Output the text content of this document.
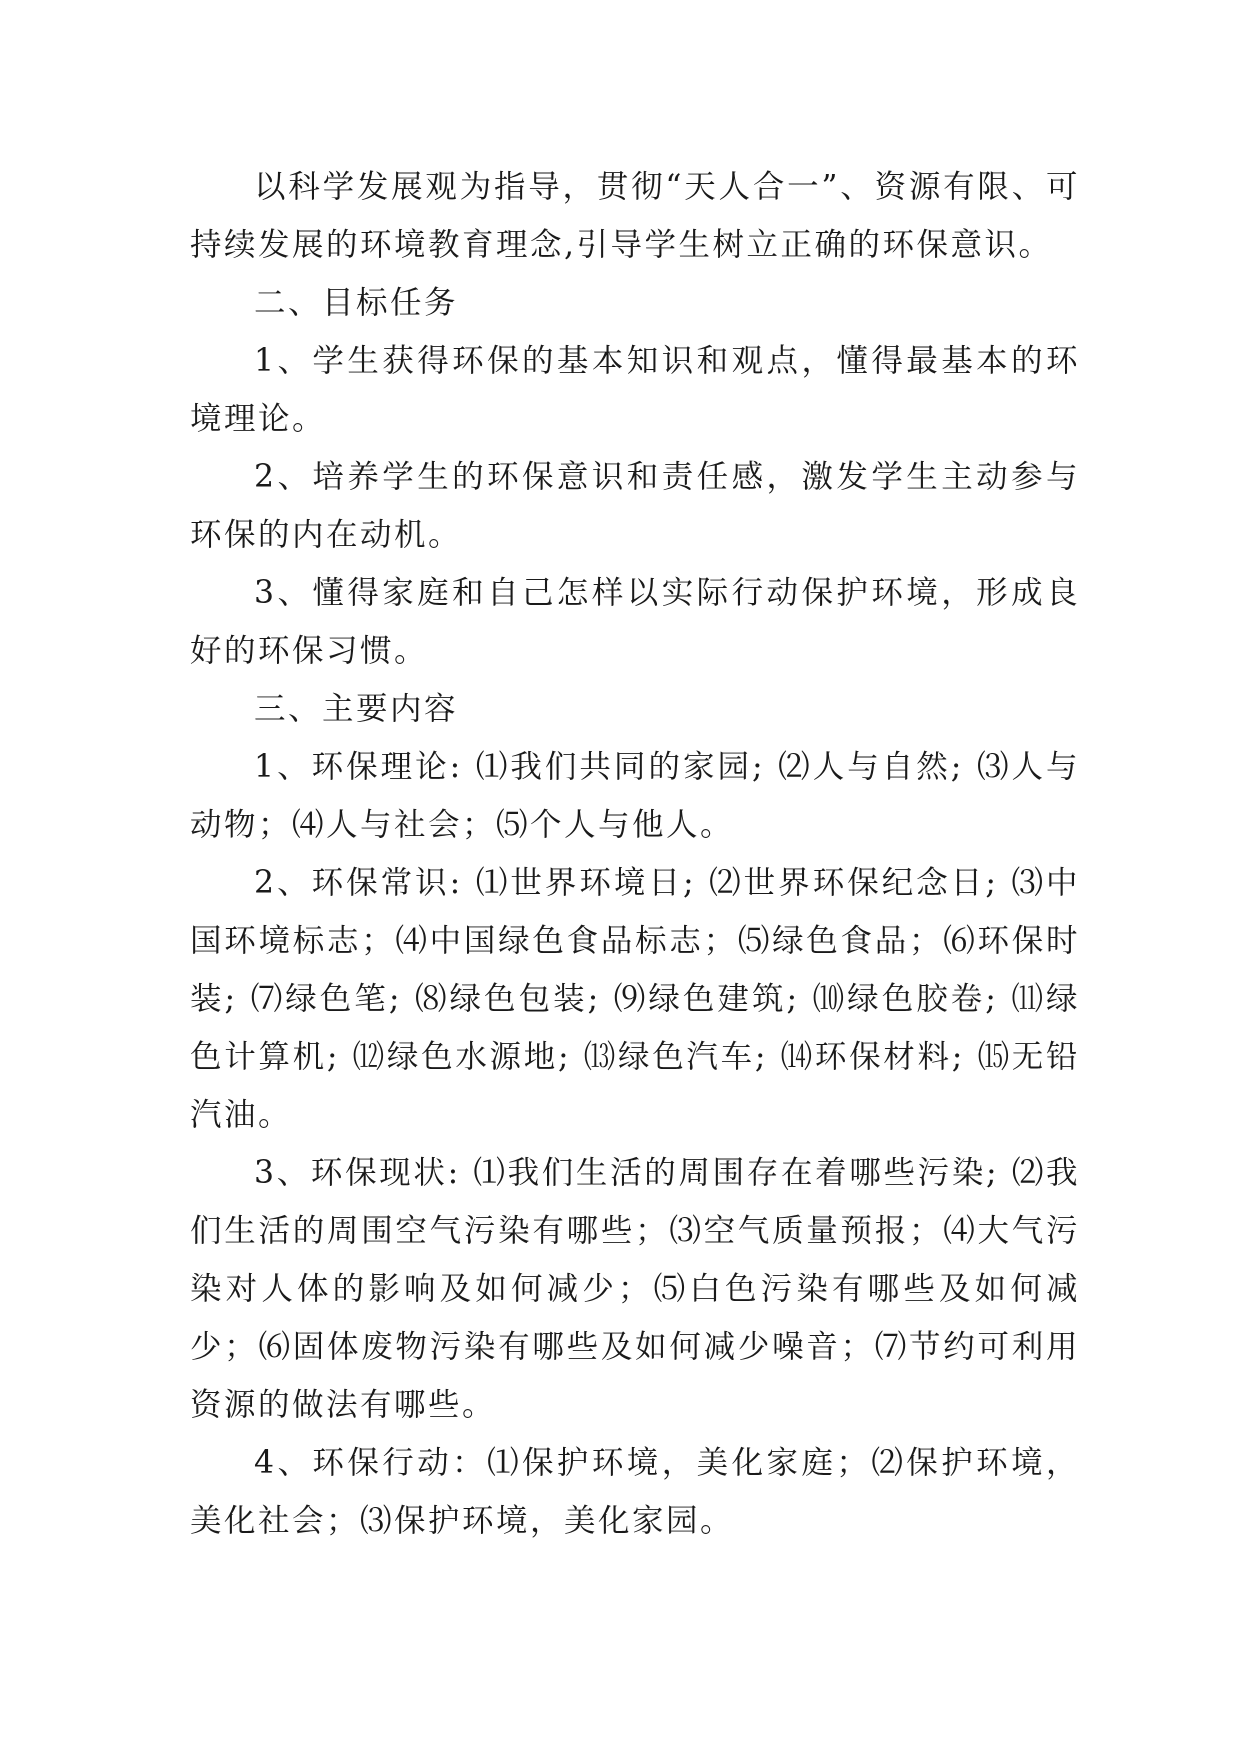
以科学发展观为指导，贯彻“天人合一”、资源有限、可持续发展的环境教育理念,引导学生树立正确的环保意识。

二、目标任务

1、学生获得环保的基本知识和观点，懂得最基本的环境理论。

2、培养学生的环保意识和责任感，激发学生主动参与环保的内在动机。

3、懂得家庭和自己怎样以实际行动保护环境，形成良好的环保习惯。

三、主要内容

1、环保理论: ⑴我们共同的家园; ⑵人与自然; ⑶人与动物；⑷人与社会；⑸个人与他人。

2、环保常识: ⑴世界环境日; ⑵世界环保纪念日; ⑶中国环境标志；⑷中国绿色食品标志；⑸绿色食品；⑹环保时装; ⑺绿色笔; ⑻绿色包装; ⑼绿色建筑; ⑽绿色胶卷; ⑾绿色计算机; ⑿绿色水源地; ⒀绿色汽车; ⒁环保材料; ⒂无铅汽油。

3、环保现状: ⑴我们生活的周围存在着哪些污染; ⑵我们生活的周围空气污染有哪些；⑶空气质量预报；⑷大气污染对人体的影响及如何减少；⑸白色污染有哪些及如何减少；⑹固体废物污染有哪些及如何减少噪音；⑺节约可利用资源的做法有哪些。

4、环保行动：⑴保护环境，美化家庭；⑵保护环境，美化社会；⑶保护环境，美化家园。
